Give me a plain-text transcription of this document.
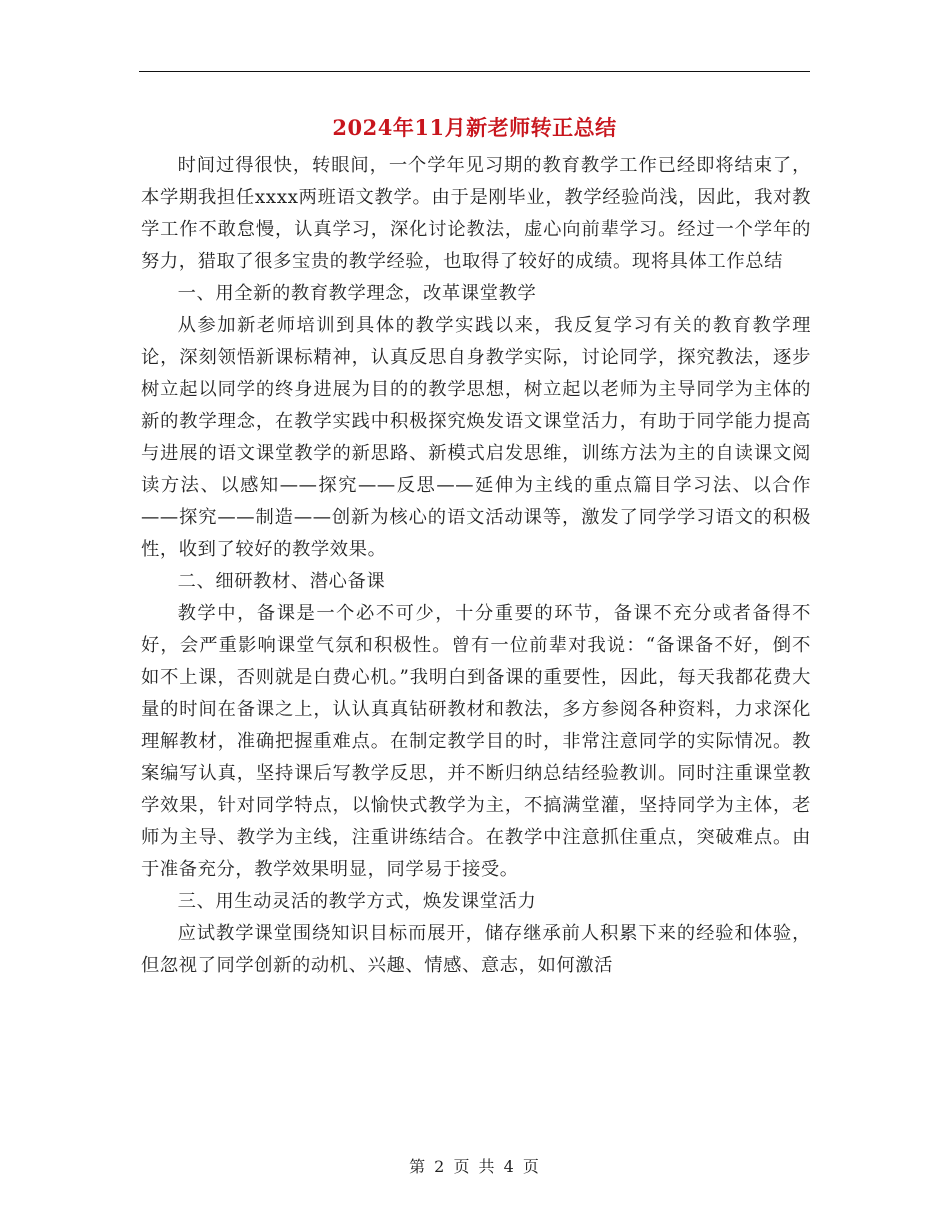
2024年11月新老师转正总结

时间过得很快，转眼间，一个学年见习期的教育教学工作已经即将结束了，本学期我担任xxxx两班语文教学。由于是刚毕业，教学经验尚浅，因此，我对教学工作不敢怠慢，认真学习，深化讨论教法，虚心向前辈学习。经过一个学年的努力，猎取了很多宝贵的教学经验，也取得了较好的成绩。现将具体工作总结

一、用全新的教育教学理念，改革课堂教学

从参加新老师培训到具体的教学实践以来，我反复学习有关的教育教学理论，深刻领悟新课标精神，认真反思自身教学实际，讨论同学，探究教法，逐步树立起以同学的终身进展为目的的教学思想，树立起以老师为主导同学为主体的新的教学理念，在教学实践中积极探究焕发语文课堂活力，有助于同学能力提高与进展的语文课堂教学的新思路、新模式启发思维，训练方法为主的自读课文阅读方法、以感知——探究——反思——延伸为主线的重点篇目学习法、以合作——探究——制造——创新为核心的语文活动课等，激发了同学学习语文的积极性，收到了较好的教学效果。

二、细研教材、潜心备课

教学中，备课是一个必不可少，十分重要的环节，备课不充分或者备得不好，会严重影响课堂气氛和积极性。曾有一位前辈对我说：“备课备不好，倒不如不上课，否则就是白费心机。”我明白到备课的重要性，因此，每天我都花费大量的时间在备课之上，认认真真钻研教材和教法，多方参阅各种资料，力求深化理解教材，准确把握重难点。在制定教学目的时，非常注意同学的实际情况。教案编写认真，坚持课后写教学反思，并不断归纳总结经验教训。同时注重课堂教学效果，针对同学特点，以愉快式教学为主，不搞满堂灌，坚持同学为主体，老师为主导、教学为主线，注重讲练结合。在教学中注意抓住重点，突破难点。由于准备充分，教学效果明显，同学易于接受。

三、用生动灵活的教学方式，焕发课堂活力

应试教学课堂围绕知识目标而展开，储存继承前人积累下来的经验和体验，但忽视了同学创新的动机、兴趣、情感、意志，如何激活

第 2 页 共 4 页
